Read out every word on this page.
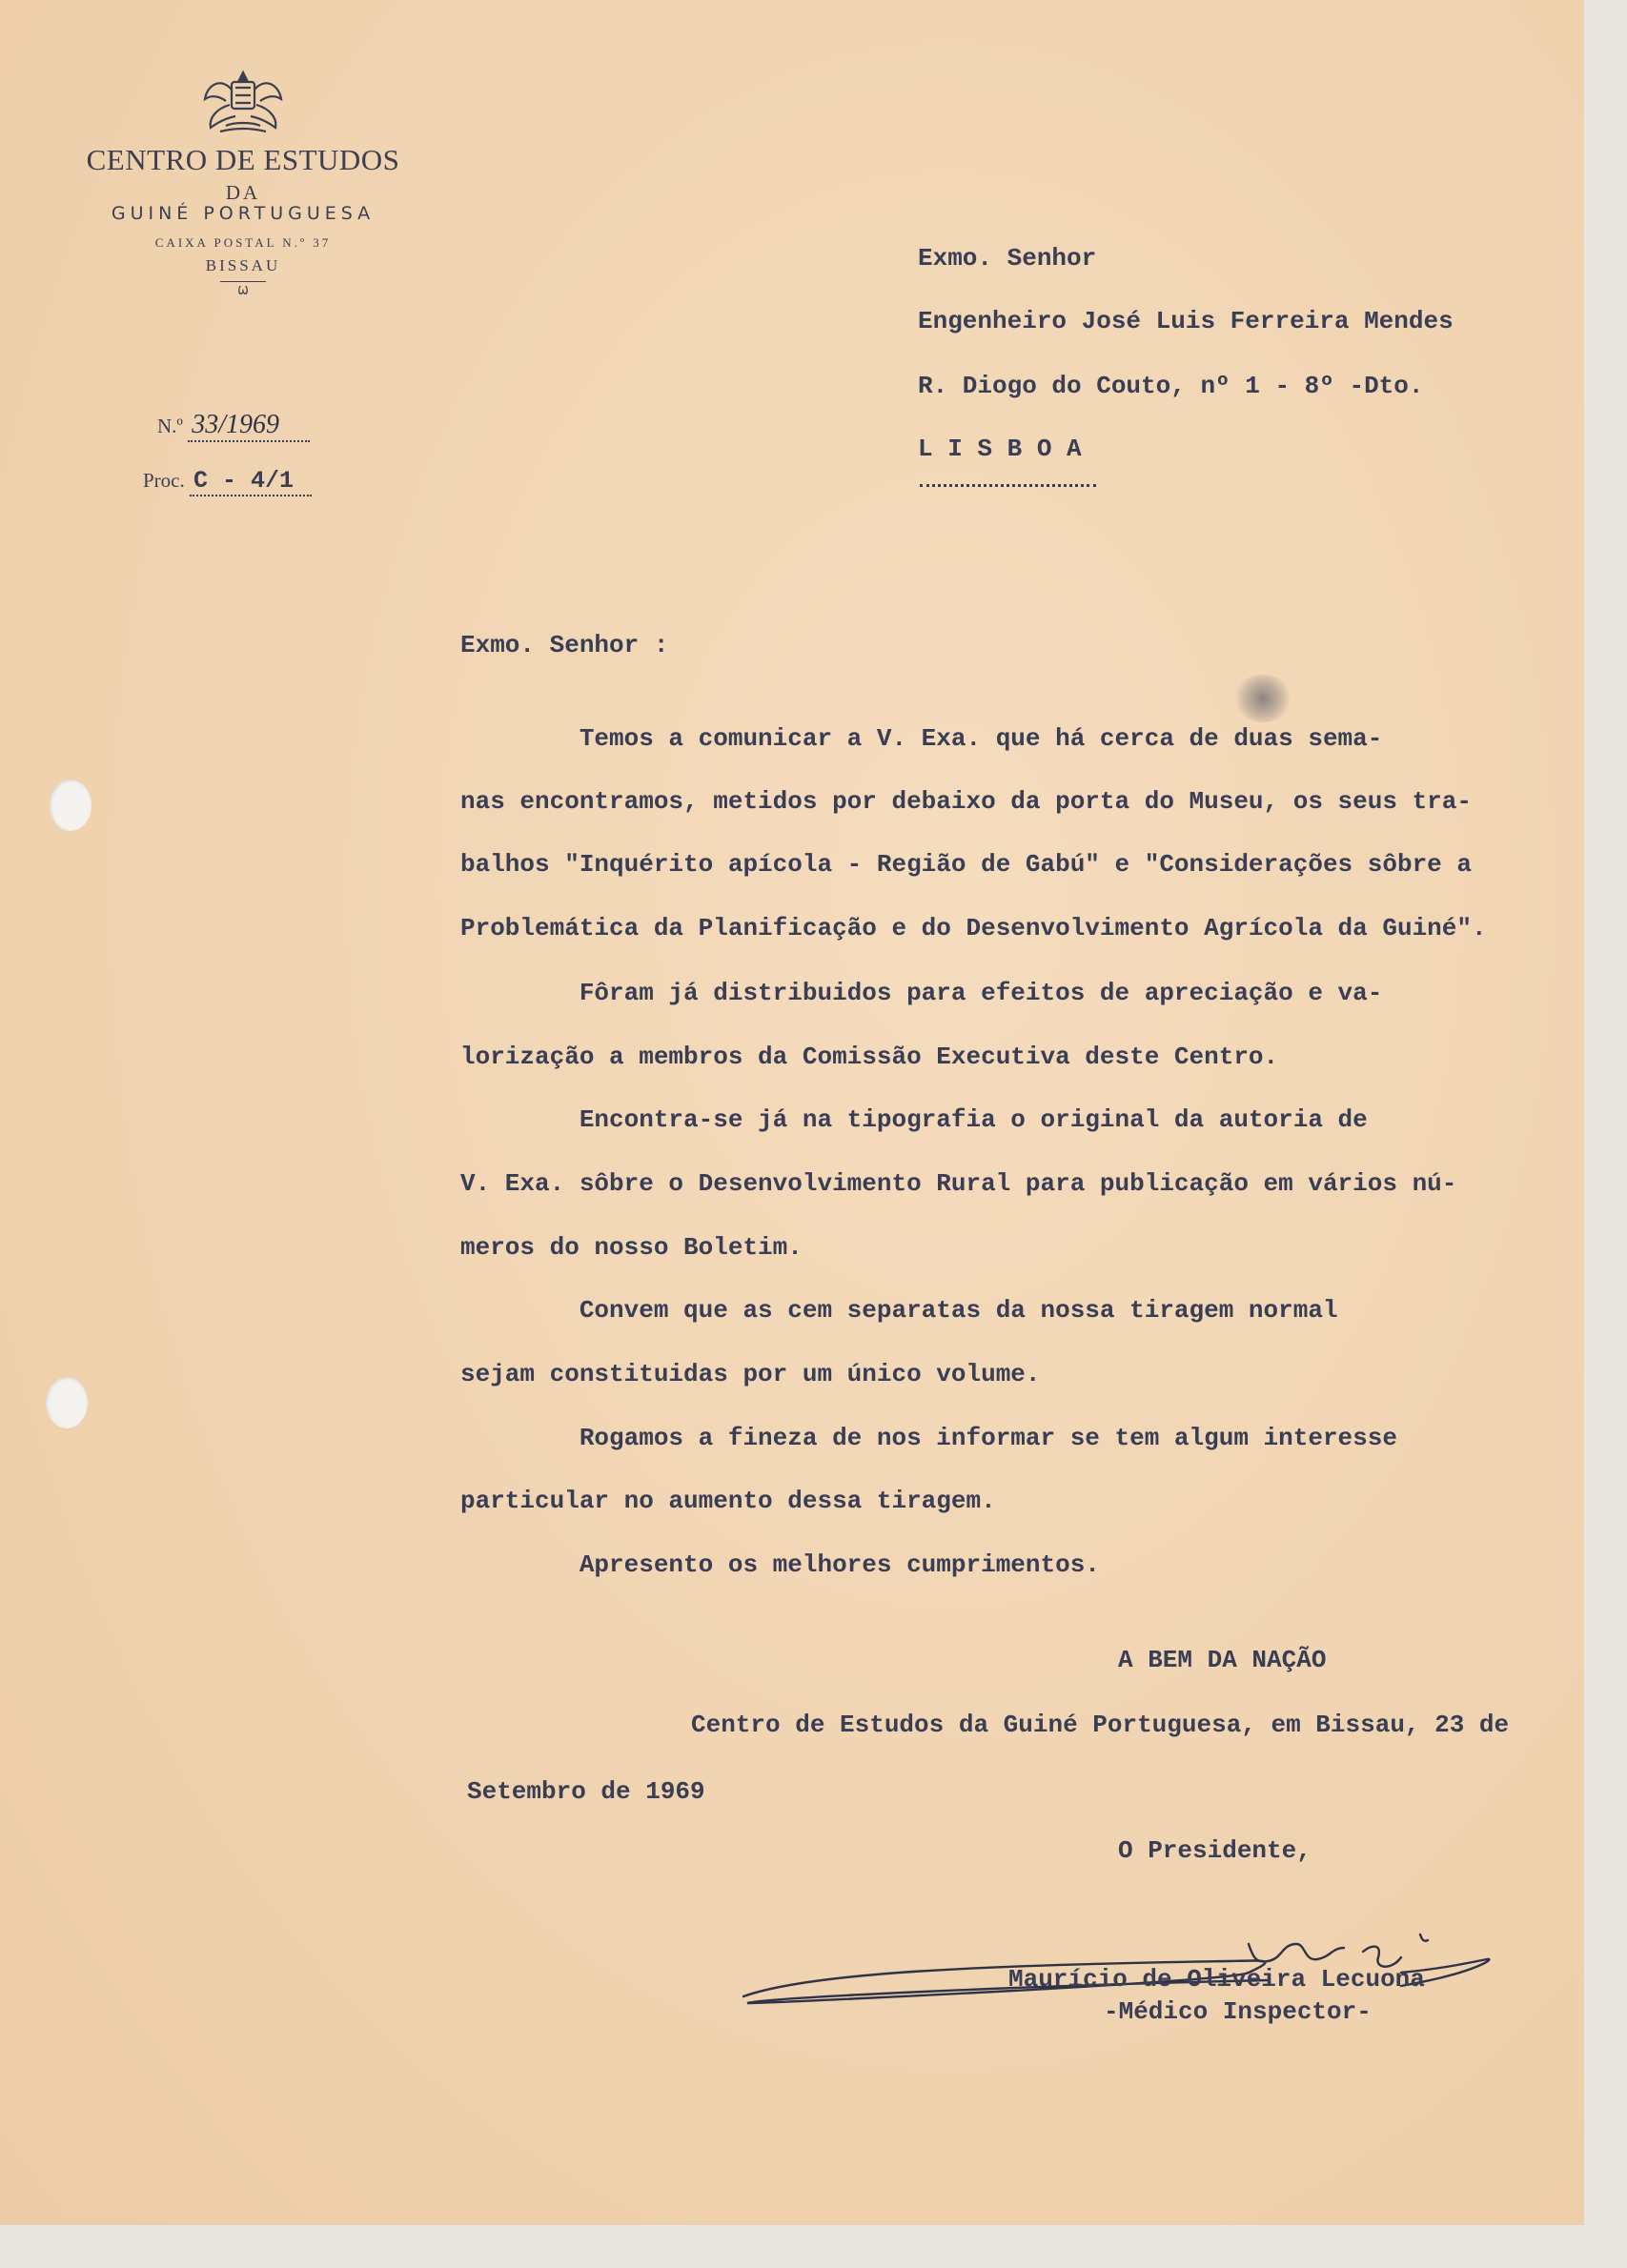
CENTRO DE ESTUDOS
DA
GUINÉ PORTUGUESA
CAIXA POSTAL N.º 37
BISSAU
Ѡ
N.º 33/1969
Proc. C - 4/1
Exmo. Senhor
Engenheiro José Luis Ferreira Mendes
R. Diogo do Couto, nº 1 - 8º -Dto.
L I S B O A
Exmo. Senhor :
Temos a comunicar a V. Exa. que há cerca de duas sema-
nas encontramos, metidos por debaixo da porta do Museu, os seus tra-
balhos "Inquérito apícola - Região de Gabú" e "Considerações sôbre a
Problemática da Planificação e do Desenvolvimento Agrícola da Guiné".
Fôram já distribuidos para efeitos de apreciação e va-
lorização a membros da Comissão Executiva deste Centro.
Encontra-se já na tipografia o original da autoria de
V. Exa. sôbre o Desenvolvimento Rural para publicação em vários nú-
meros do nosso Boletim.
Convem que as cem separatas da nossa tiragem normal
sejam constituidas por um único volume.
Rogamos a fineza de nos informar se tem algum interesse
particular no aumento dessa tiragem.
Apresento os melhores cumprimentos.
A BEM DA NAÇÃO
Centro de Estudos da Guiné Portuguesa, em Bissau, 23 de
Setembro de 1969
O Presidente,
Maurício de Oliveira Lecuona
-Médico Inspector-
